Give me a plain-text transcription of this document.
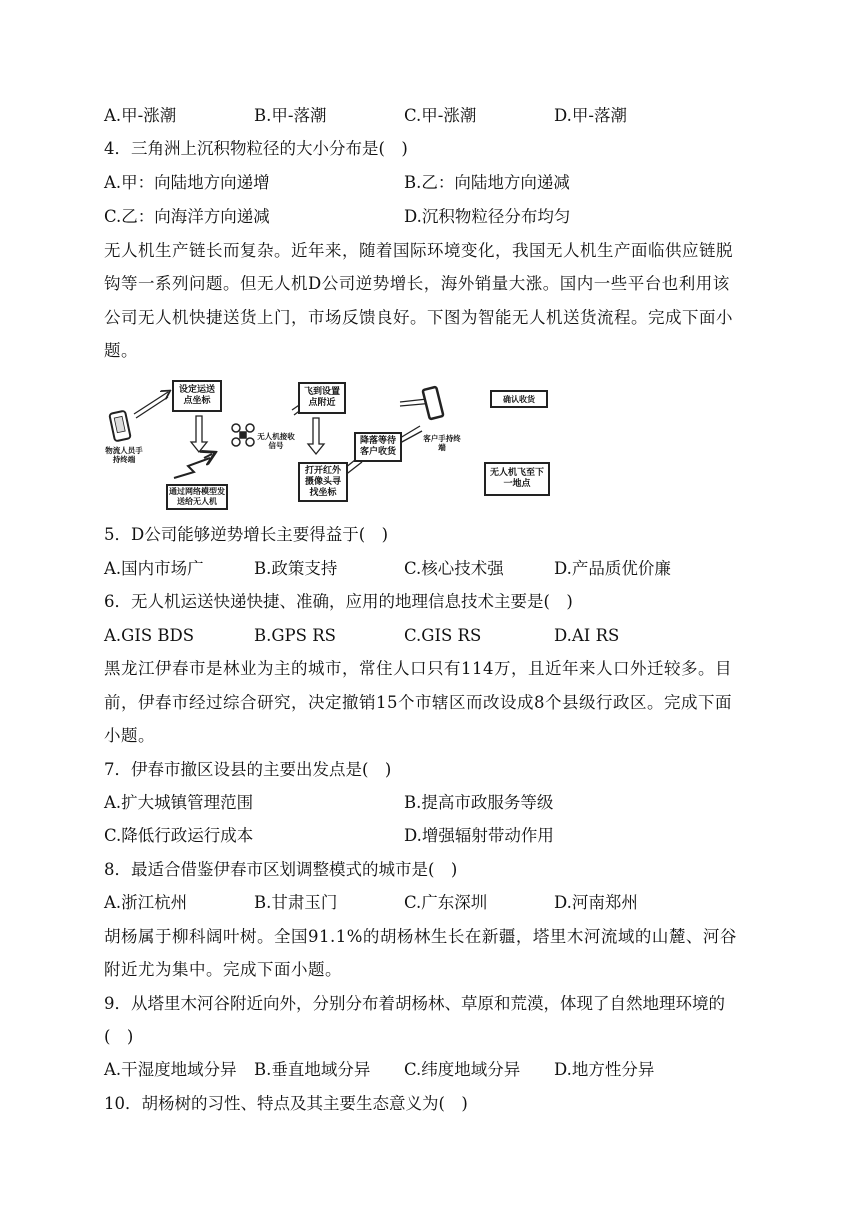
A.甲-涨潮	B.甲-落潮	C.甲-涨潮	D.甲-落潮
4．三角洲上沉积物粒径的大小分布是(　)
A.甲：向陆地方向递增	B.乙：向陆地方向递减
C.乙：向海洋方向递减	D.沉积物粒径分布均匀
无人机生产链长而复杂。近年来，随着国际环境变化，我国无人机生产面临供应链脱
钩等一系列问题。但无人机D公司逆势增长，海外销量大涨。国内一些平台也利用该
公司无人机快捷送货上门，市场反馈良好。下图为智能无人机送货流程。完成下面小
题。
设定运送点坐标
通过网络模型发送给无人机
飞到设置点附近
打开红外摄像头寻找坐标
降落等待客户收货
确认收货
无人机飞至下一地点
物流人员手持终端
无人机接收信号
客户手持终端
5．D公司能够逆势增长主要得益于(　)
A.国内市场广	B.政策支持	C.核心技术强	D.产品质优价廉
6．无人机运送快递快捷、准确，应用的地理信息技术主要是(　)
A.GIS BDS	B.GPS RS	C.GIS RS	D.AI RS
黑龙江伊春市是林业为主的城市，常住人口只有114万，且近年来人口外迁较多。目
前，伊春市经过综合研究，决定撤销15个市辖区而改设成8个县级行政区。完成下面
小题。
7．伊春市撤区设县的主要出发点是(　)
A.扩大城镇管理范围	B.提高市政服务等级
C.降低行政运行成本	D.增强辐射带动作用
8．最适合借鉴伊春市区划调整模式的城市是(　)
A.浙江杭州	B.甘肃玉门	C.广东深圳	D.河南郑州
胡杨属于柳科阔叶树。全国91.1%的胡杨林生长在新疆，塔里木河流域的山麓、河谷
附近尤为集中。完成下面小题。
9．从塔里木河谷附近向外，分别分布着胡杨林、草原和荒漠，体现了自然地理环境的
(　)
A.干湿度地域分异 B.垂直地域分异 C.纬度地域分异 D.地方性分异
10．胡杨树的习性、特点及其主要生态意义为(　)
